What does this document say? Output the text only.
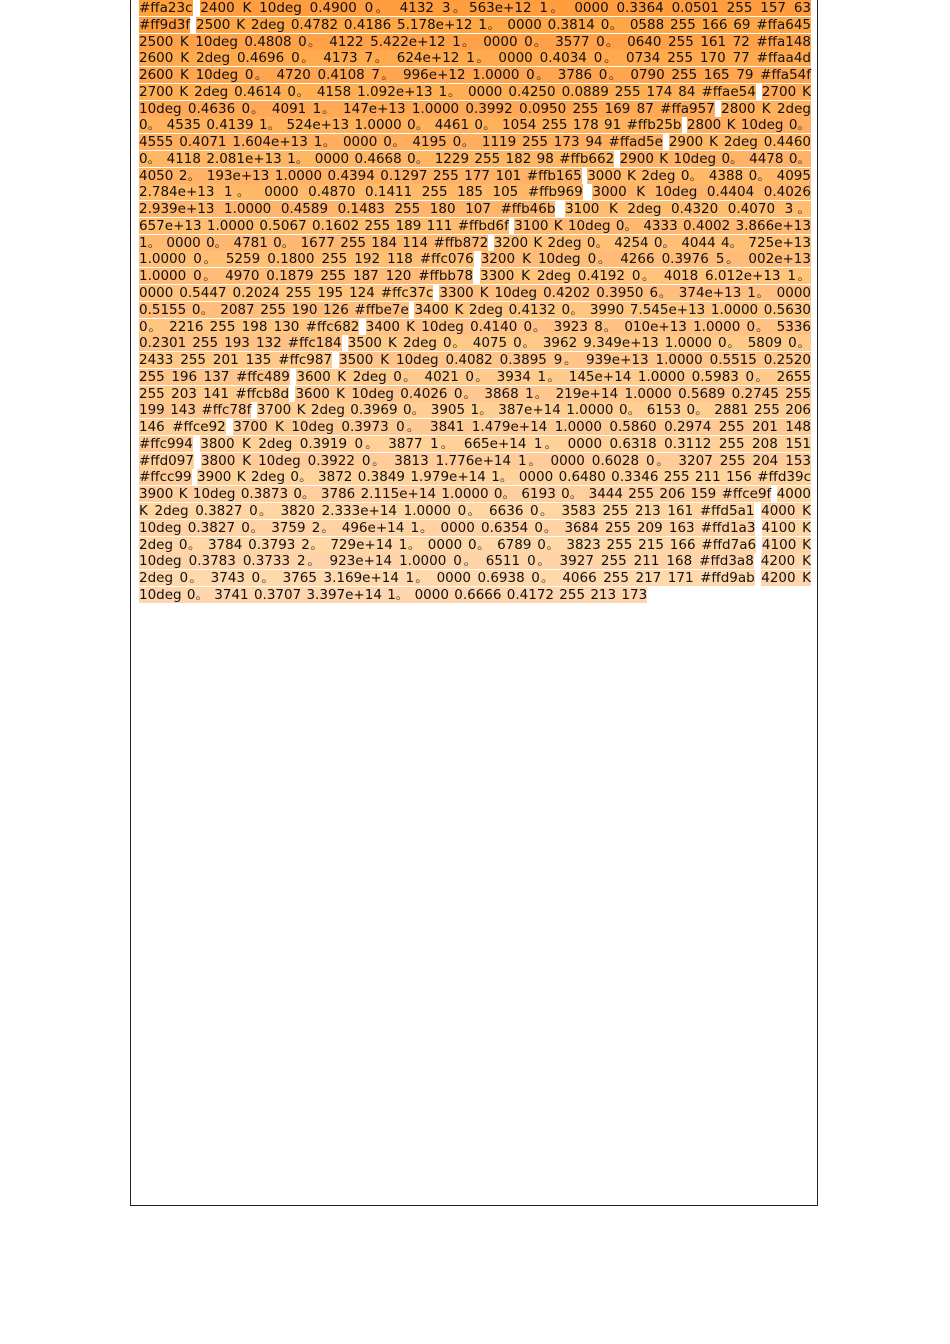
#ffa23c 2400 K 10deg 0.4900 0。 4132 3。563e+12 1。 0000 0.3364 0.0501 255 157 63 #ff9d3f 2500 K 2deg 0.4782 0.4186 5.178e+12 1。 0000 0.3814 0。 0588 255 166 69 #ffa645 2500 K 10deg 0.4808 0。 4122 5.422e+12 1。 0000 0。 3577 0。 0640 255 161 72 #ffa148 2600 K 2deg 0.4696 0。 4173 7。 624e+12 1。 0000 0.4034 0。 0734 255 170 77 #ffaa4d 2600 K 10deg 0。 4720 0.4108 7。 996e+12 1.0000 0。 3786 0。 0790 255 165 79 #ffa54f 2700 K 2deg 0.4614 0。 4158 1.092e+13 1。 0000 0.4250 0.0889 255 174 84 #ffae54 2700 K 10deg 0.4636 0。 4091 1。 147e+13 1.0000 0.3992 0.0950 255 169 87 #ffa957 2800 K 2deg 0。 4535 0.4139 1。 524e+13 1.0000 0。 4461 0。 1054 255 178 91 #ffb25b 2800 K 10deg 0。 4555 0.4071 1.604e+13 1。 0000 0。 4195 0。 1119 255 173 94 #ffad5e 2900 K 2deg 0.4460 0。 4118 2.081e+13 1。 0000 0.4668 0。 1229 255 182 98 #ffb662 2900 K 10deg 0。 4478 0。 4050 2。 193e+13 1.0000 0.4394 0.1297 255 177 101 #ffb165 3000 K 2deg 0。 4388 0。 4095 2.784e+13 1。 0000 0.4870 0.1411 255 185 105 #ffb969 3000 K 10deg 0.4404 0.4026 2.939e+13 1.0000 0.4589 0.1483 255 180 107 #ffb46b 3100 K 2deg 0.4320 0.4070 3。 657e+13 1.0000 0.5067 0.1602 255 189 111 #ffbd6f 3100 K 10deg 0。 4333 0.4002 3.866e+13 1。 0000 0。 4781 0。 1677 255 184 114 #ffb872 3200 K 2deg 0。 4254 0。 4044 4。 725e+13 1.0000 0。 5259 0.1800 255 192 118 #ffc076 3200 K 10deg 0。 4266 0.3976 5。 002e+13 1.0000 0。 4970 0.1879 255 187 120 #ffbb78 3300 K 2deg 0.4192 0。 4018 6.012e+13 1。 0000 0.5447 0.2024 255 195 124 #ffc37c 3300 K 10deg 0.4202 0.3950 6。 374e+13 1。 0000 0.5155 0。 2087 255 190 126 #ffbe7e 3400 K 2deg 0.4132 0。 3990 7.545e+13 1.0000 0.5630 0。 2216 255 198 130 #ffc682 3400 K 10deg 0.4140 0。 3923 8。 010e+13 1.0000 0。 5336 0.2301 255 193 132 #ffc184 3500 K 2deg 0。 4075 0。 3962 9.349e+13 1.0000 0。 5809 0。 2433 255 201 135 #ffc987 3500 K 10deg 0.4082 0.3895 9。 939e+13 1.0000 0.5515 0.2520 255 196 137 #ffc489 3600 K 2deg 0。 4021 0。 3934 1。 145e+14 1.0000 0.5983 0。 2655 255 203 141 #ffcb8d 3600 K 10deg 0.4026 0。 3868 1。 219e+14 1.0000 0.5689 0.2745 255 199 143 #ffc78f 3700 K 2deg 0.3969 0。 3905 1。 387e+14 1.0000 0。 6153 0。 2881 255 206 146 #ffce92 3700 K 10deg 0.3973 0。 3841 1.479e+14 1.0000 0.5860 0.2974 255 201 148 #ffc994 3800 K 2deg 0.3919 0。 3877 1。 665e+14 1。 0000 0.6318 0.3112 255 208 151 #ffd097 3800 K 10deg 0.3922 0。 3813 1.776e+14 1。 0000 0.6028 0。 3207 255 204 153 #ffcc99 3900 K 2deg 0。 3872 0.3849 1.979e+14 1。 0000 0.6480 0.3346 255 211 156 #ffd39c 3900 K 10deg 0.3873 0。 3786 2.115e+14 1.0000 0。 6193 0。 3444 255 206 159 #ffce9f 4000 K 2deg 0.3827 0。 3820 2.333e+14 1.0000 0。 6636 0。 3583 255 213 161 #ffd5a1 4000 K 10deg 0.3827 0。 3759 2。 496e+14 1。 0000 0.6354 0。 3684 255 209 163 #ffd1a3 4100 K 2deg 0。 3784 0.3793 2。 729e+14 1。 0000 0。 6789 0。 3823 255 215 166 #ffd7a6 4100 K 10deg 0.3783 0.3733 2。 923e+14 1.0000 0。 6511 0。 3927 255 211 168 #ffd3a8 4200 K 2deg 0。 3743 0。 3765 3.169e+14 1。 0000 0.6938 0。 4066 255 217 171 #ffd9ab 4200 K 10deg 0。 3741 0.3707 3.397e+14 1。 0000 0.6666 0.4172 255 213 173
